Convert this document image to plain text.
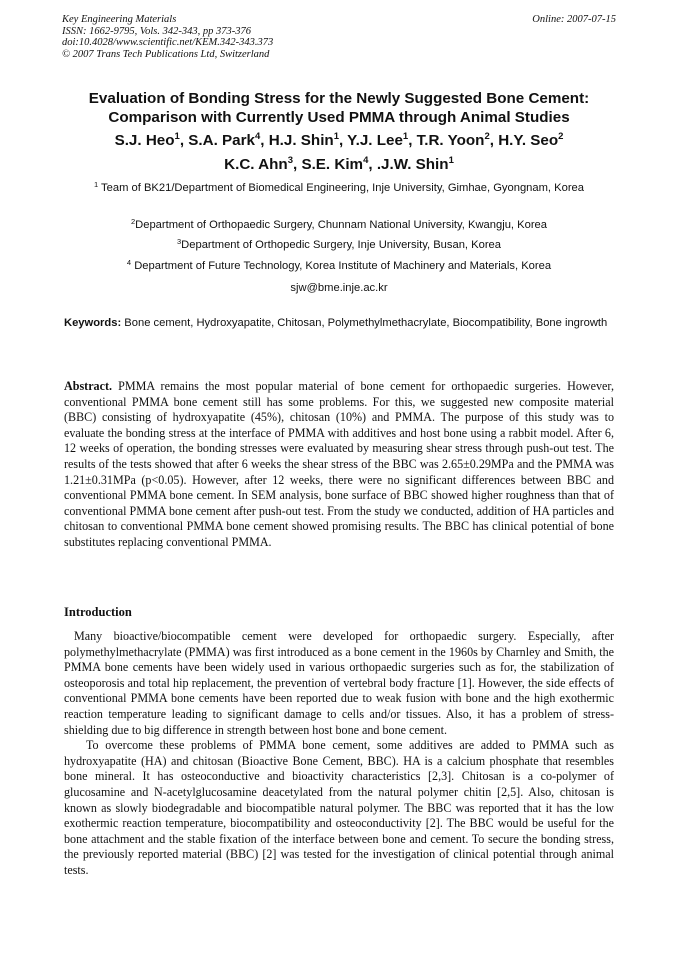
Key Engineering Materials
ISSN: 1662-9795, Vols. 342-343, pp 373-376
doi:10.4028/www.scientific.net/KEM.342-343.373
© 2007 Trans Tech Publications Ltd, Switzerland
Online: 2007-07-15
Evaluation of Bonding Stress for the Newly Suggested Bone Cement:
Comparison with Currently Used PMMA through Animal Studies
S.J. Heo$^1$, S.A. Park$^4$, H.J. Shin$^1$, Y.J. Lee$^1$, T.R. Yoon$^2$, H.Y. Seo$^2$
K.C. Ahn$^3$, S.E. Kim$^4$, .J.W. Shin$^1$
$^1$ Team of BK21/Department of Biomedical Engineering, Inje University, Gimhae, Gyongnam, Korea
$^2$Department of Orthopaedic Surgery, Chunnam National University, Kwangju, Korea
$^3$Department of Orthopedic Surgery, Inje University, Busan, Korea
$^4$ Department of Future Technology, Korea Institute of Machinery and Materials, Korea
sjw@bme.inje.ac.kr
Keywords: Bone cement, Hydroxyapatite, Chitosan, Polymethylmethacrylate, Biocompatibility, Bone ingrowth

Abstract. PMMA remains the most popular material of bone cement for orthopaedic surgeries. However, conventional PMMA bone cement still has some problems. For this, we suggested new composite material (BBC) consisting of hydroxyapatite (45%), chitosan (10%) and PMMA. The purpose of this study was to evaluate the bonding stress at the interface of PMMA with additives and host bone using a rabbit model. After 6, 12 weeks of operation, the bonding stresses were evaluated by measuring shear stress through push-out test. The results of the tests showed that after 6 weeks the shear stress of the BBC was 2.65±0.29MPa and the PMMA was 1.21±0.31MPa (p<0.05). However, after 12 weeks, there were no significant differences between BBC and conventional PMMA bone cement. In SEM analysis, bone surface of BBC showed higher roughness than that of conventional PMMA bone cement after push-out test. From the study we conducted, addition of HA particles and chitosan to conventional PMMA bone cement showed promising results. The BBC has clinical potential of bone substitutes replacing conventional PMMA.

Introduction

Many bioactive/biocompatible cement were developed for orthopaedic surgery. Especially, after polymethylmethacrylate (PMMA) was first introduced as a bone cement in the 1960s by Charnley and Smith, the PMMA bone cements have been widely used in various orthopaedic surgeries such as for, the stabilization of osteoporosis and total hip replacement, the prevention of vertebral body fracture [1]. However, the side effects of conventional PMMA bone cements have been reported due to weak fusion with bone and the high exothermic reaction temperature leading to significant damage to cells and/or tissues. Also, it has a problem of stress-shielding due to big difference in strength between host bone and bone cement.

To overcome these problems of PMMA bone cement, some additives are added to PMMA such as hydroxyapatite (HA) and chitosan (Bioactive Bone Cement, BBC). HA is a calcium phosphate that resembles bone mineral. It has osteoconductive and bioactivity characteristics [2,3]. Chitosan is a co-polymer of glucosamine and N-acetylglucosamine deacetylated from the natural polymer chitin [2,5]. Also, chitosan is known as slowly biodegradable and biocompatible natural polymer. The BBC was reported that it has the low exothermic reaction temperature, biocompatibility and osteoconductivity [2]. The BBC would be useful for the bone attachment and the stable fixation of the interface between bone and cement. To secure the bonding stress, the previously reported material (BBC) [2] was tested for the investigation of clinical potential through animal tests.
